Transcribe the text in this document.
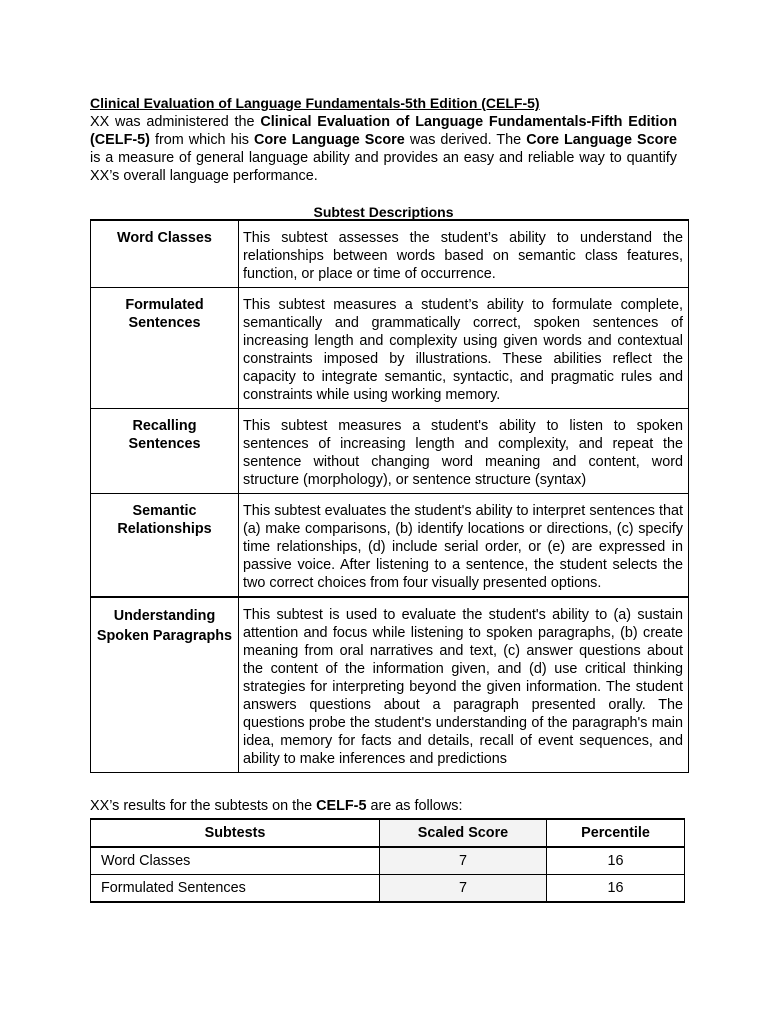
Clinical Evaluation of Language Fundamentals-5th Edition (CELF-5)
XX was administered the Clinical Evaluation of Language Fundamentals-Fifth Edition (CELF-5) from which his Core Language Score was derived. The Core Language Score is a measure of general language ability and provides an easy and reliable way to quantify XX’s overall language performance.
Subtest Descriptions
Word Classes	This subtest assesses the student’s ability to understand the relationships between words based on semantic class features, function, or place or time of occurrence.
Formulated Sentences	This subtest measures a student’s ability to formulate complete, semantically and grammatically correct, spoken sentences of increasing length and complexity using given words and contextual constraints imposed by illustrations. These abilities reflect the capacity to integrate semantic, syntactic, and pragmatic rules and constraints while using working memory.
Recalling Sentences	This subtest measures a student's ability to listen to spoken sentences of increasing length and complexity, and repeat the sentence without changing word meaning and content, word structure (morphology), or sentence structure (syntax)
Semantic Relationships	This subtest evaluates the student's ability to interpret sentences that (a) make comparisons, (b) identify locations or directions, (c) specify time relationships, (d) include serial order, or (e) are expressed in passive voice. After listening to a sentence, the student selects the two correct choices from four visually presented options.
Understanding Spoken Paragraphs	This subtest is used to evaluate the student's ability to (a) sustain attention and focus while listening to spoken paragraphs, (b) create meaning from oral narratives and text, (c) answer questions about the content of the information given, and (d) use critical thinking strategies for interpreting beyond the given information. The student answers questions about a paragraph presented orally. The questions probe the student's understanding of the paragraph's main idea, memory for facts and details, recall of event sequences, and ability to make inferences and predictions
XX’s results for the subtests on the CELF-5 are as follows:
Subtests	Scaled Score	Percentile
Word Classes	7	16
Formulated Sentences	7	16
